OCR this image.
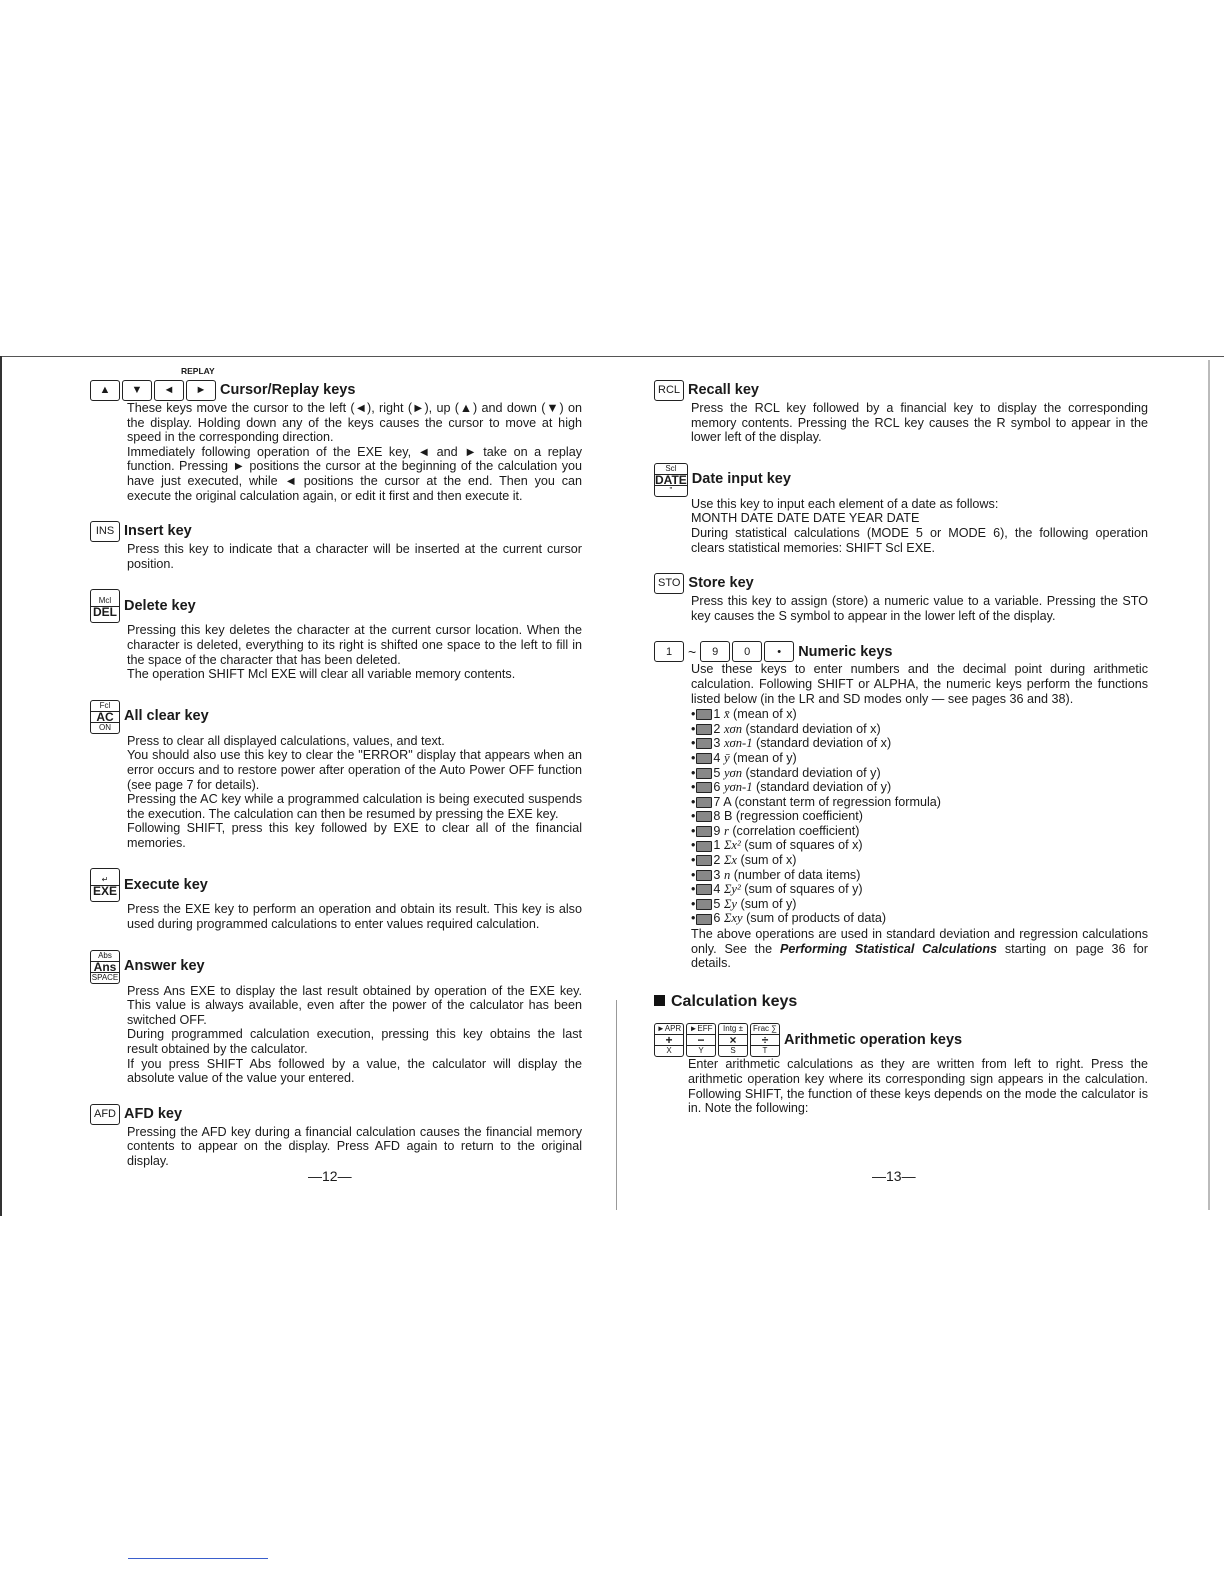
REPLAY
▲	▼	◄	► Cursor/Replay keys

These keys move the cursor to the left (◄), right (►), up (▲) and down (▼) on the display. Holding down any of the keys causes the cursor to move at high speed in the corresponding direction.

Immediately following operation of the EXE key, ◄ and ► take on a replay function. Pressing ► positions the cursor at the beginning of the calculation you have just executed, while ◄ positions the cursor at the end. Then you can execute the original calculation again, or edit it first and then execute it.

INS Insert key

Press this key to indicate that a character will be inserted at the current cursor position.

Mcl
DEL Delete key

Pressing this key deletes the character at the current cursor location. When the character is deleted, everything to its right is shifted one space to the left to fill in the space of the character that has been deleted.

The operation SHIFT Mcl EXE will clear all variable memory contents.

Fcl
AC
ON
All clear key

Press to clear all displayed calculations, values, and text.

You should also use this key to clear the "ERROR" display that appears when an error occurs and to restore power after operation of the Auto Power OFF function (see page 7 for details).

Pressing the AC key while a programmed calculation is being executed suspends the execution. The calculation can then be resumed by pressing the EXE key.

Following SHIFT, press this key followed by EXE to clear all of the financial memories.

↵
EXE Execute key

Press the EXE key to perform an operation and obtain its result. This key is also used during programmed calculations to enter values required calculation.

Abs
Ans
SPACE
Answer key

Press Ans EXE to display the last result obtained by operation of the EXE key. This value is always available, even after the power of the calculator has been switched OFF.

During programmed calculation execution, pressing this key obtains the last result obtained by the calculator.

If you press SHIFT Abs followed by a value, the calculator will display the absolute value of the value your entered.

AFD AFD key

Pressing the AFD key during a financial calculation causes the financial memory contents to appear on the display. Press AFD again to return to the original display.

—12—
RCL Recall key

Press the RCL key followed by a financial key to display the corresponding memory contents. Pressing the RCL key causes the R symbol to appear in the lower left of the display.

Scl
DATE
"
Date input key

Use this key to input each element of a date as follows:

MONTH DATE DATE DATE YEAR DATE

During statistical calculations (MODE 5 or MODE 6), the following operation clears statistical memories: SHIFT Scl EXE.

STO Store key

Press this key to assign (store) a numeric value to a variable. Pressing the STO key causes the S symbol to appear in the lower left of the display.

1	~	9	0	•	Numeric keys

Use these keys to enter numbers and the decimal point during arithmetic calculation. Following SHIFT or ALPHA, the numeric keys perform the functions listed below (in the LR and SD modes only — see pages 36 and 38).

• 1 x̄ (mean of x)
• 2 xσn (standard deviation of x)
• 3 xσn-1 (standard deviation of x)
• 4 ȳ (mean of y)
• 5 yσn (standard deviation of y)
• 6 yσn-1 (standard deviation of y)
• 7 A (constant term of regression formula)
• 8 B (regression coefficient)
• 9 r (correlation coefficient)
• 1 Σx² (sum of squares of x)
• 2 Σx (sum of x)
• 3 n (number of data items)
• 4 Σy² (sum of squares of y)
• 5 Σy (sum of y)
• 6 Σxy (sum of products of data)

The above operations are used in standard deviation and regression calculations only. See the Performing Statistical Calculations starting on page 36 for details.

Calculation keys
►APR
+
X
►EFF
−
Y
Intg ±
×
S
Frac ∑
÷
T
Arithmetic operation keys

Enter arithmetic calculations as they are written from left to right. Press the arithmetic operation key where its corresponding sign appears in the calculation. Following SHIFT, the function of these keys depends on the mode the calculator is in. Note the following:

—13—
